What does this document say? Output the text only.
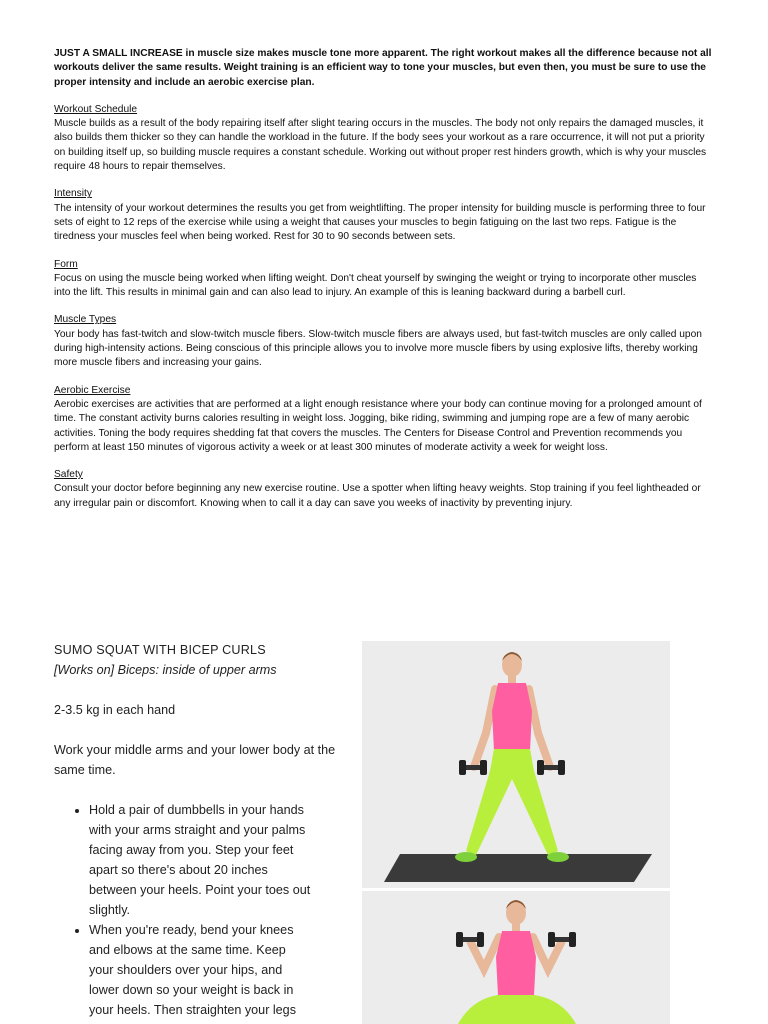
JUST A SMALL INCREASE in muscle size makes muscle tone more apparent. The right workout makes all the difference because not all workouts deliver the same results. Weight training is an efficient way to tone your muscles, but even then, you must be sure to use the proper intensity and include an aerobic exercise plan.

Workout Schedule
Muscle builds as a result of the body repairing itself after slight tearing occurs in the muscles. The body not only repairs the damaged muscles, it also builds them thicker so they can handle the workload in the future. If the body sees your workout as a rare occurrence, it will not put a priority on building itself up, so building muscle requires a constant schedule. Working out without proper rest hinders growth, which is why your muscles require 48 hours to repair themselves.
Intensity
The intensity of your workout determines the results you get from weightlifting. The proper intensity for building muscle is performing three to four sets of eight to 12 reps of the exercise while using a weight that causes your muscles to begin fatiguing on the last two reps. Fatigue is the tiredness your muscles feel when being worked. Rest for 30 to 90 seconds between sets.
Form
Focus on using the muscle being worked when lifting weight. Don't cheat yourself by swinging the weight or trying to incorporate other muscles into the lift. This results in minimal gain and can also lead to injury. An example of this is leaning backward during a barbell curl.
Muscle Types
Your body has fast-twitch and slow-twitch muscle fibers. Slow-twitch muscle fibers are always used, but fast-twitch muscles are only called upon during high-intensity actions. Being conscious of this principle allows you to involve more muscle fibers by using explosive lifts, thereby working more muscle fibers and increasing your gains.
Aerobic Exercise
Aerobic exercises are activities that are performed at a light enough resistance where your body can continue moving for a prolonged amount of time. The constant activity burns calories resulting in weight loss. Jogging, bike riding, swimming and jumping rope are a few of many aerobic activities. Toning the body requires shedding fat that covers the muscles. The Centers for Disease Control and Prevention recommends you perform at least 150 minutes of vigorous activity a week or at least 300 minutes of moderate activity a week for weight loss.
Safety
Consult your doctor before beginning any new exercise routine. Use a spotter when lifting heavy weights. Stop training if you feel lightheaded or any irregular pain or discomfort. Knowing when to call it a day can save you weeks of inactivity by preventing injury.

SUMO SQUAT WITH BICEP CURLS

[Works on] Biceps: inside of upper arms

2-3.5 kg in each hand

Work your middle arms and your lower body at the same time.

• Hold a pair of dumbbells in your hands with your arms straight and your palms facing away from you. Step your feet apart so there's about 20 inches between your heels. Point your toes out slightly.
• When you're ready, bend your knees and elbows at the same time. Keep your shoulders over your hips, and lower down so your weight is back in your heels. Then straighten your legs
